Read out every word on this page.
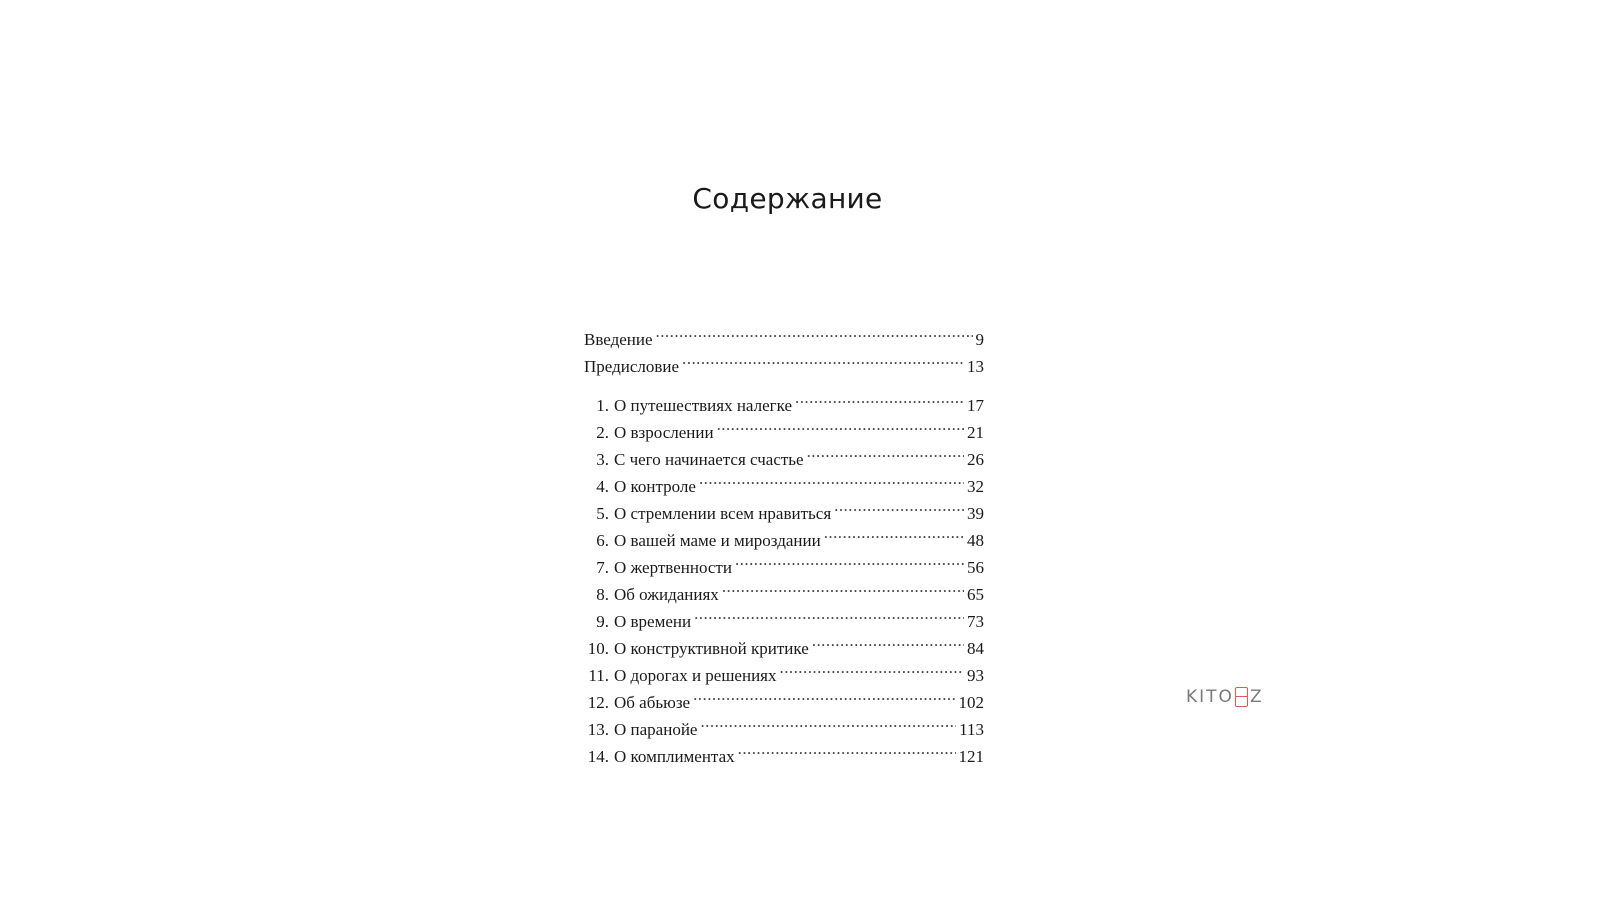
Содержание
Введение . . .	9
Предисловие . . .	13
1. О путешествиях налегке . . .	17
2. О взрослении . . .	21
3. С чего начинается счастье . . .	26
4. О контроле . . .	32
5. О стремлении всем нравиться . . .	39
6. О вашей маме и мироздании . . .	48
7. О жертвенности . . .	56
8. Об ожиданиях . . .	65
9. О времени . . .	73
10. О конструктивной критике . . .	84
11. О дорогах и решениях . . .	93
12. Об абьюзе . . .	102
13. О паранойе . . .	113
14. О комплиментах . . .	121
KITO Z
